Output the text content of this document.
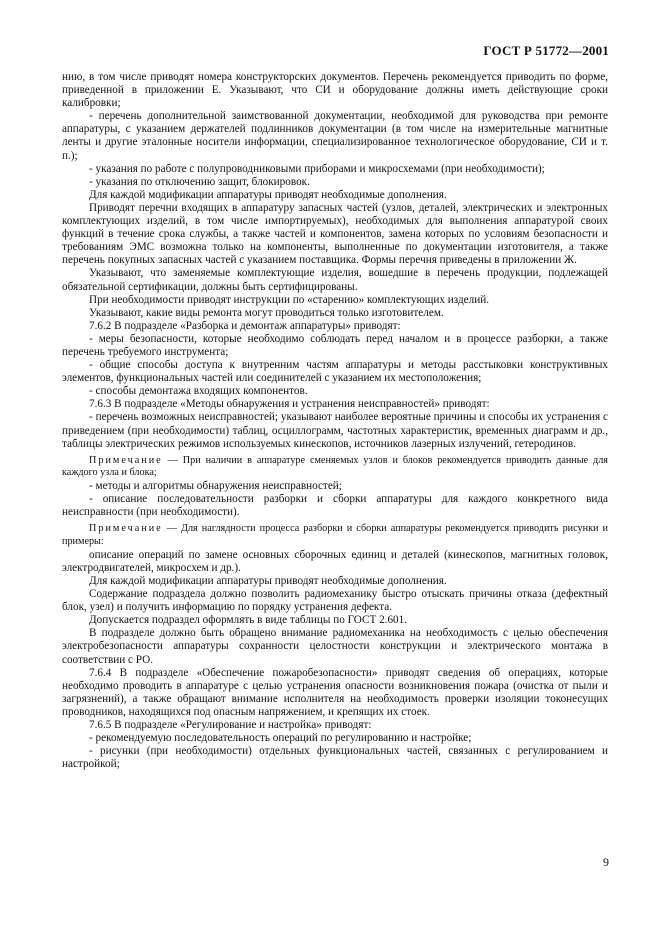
ГОСТ Р 51772—2001

нию, в том числе приводят номера конструкторских документов. Перечень рекомендуется приводить по форме, приведенной в приложении Е. Указывают, что СИ и оборудование должны иметь действующие сроки калибровки;

- перечень дополнительной заимствованной документации, необходимой для руководства при ремонте аппаратуры, с указанием держателей подлинников документации (в том числе на измерительные магнитные ленты и другие эталонные носители информации, специализированное технологическое оборудование, СИ и т. п.);

- указания по работе с полупроводниковыми приборами и микросхемами (при необходимости);

- указания по отключению защит, блокировок.

Для каждой модификации аппаратуры приводят необходимые дополнения.

Приводят перечни входящих в аппаратуру запасных частей (узлов, деталей, электрических и электронных комплектующих изделий, в том числе импортируемых), необходимых для выполнения аппаратурой своих функций в течение срока службы, а также частей и компонентов, замена которых по условиям безопасности и требованиям ЭМС возможна только на компоненты, выполненные по документации изготовителя, а также перечень покупных запасных частей с указанием поставщика. Формы перечня приведены в приложении Ж.

Указывают, что заменяемые комплектующие изделия, вошедшие в перечень продукции, подлежащей обязательной сертификации, должны быть сертифицированы.

При необходимости приводят инструкции по «старению» комплектующих изделий.

Указывают, какие виды ремонта могут проводиться только изготовителем.

7.6.2 В подразделе «Разборка и демонтаж аппаратуры» приводят:

- меры безопасности, которые необходимо соблюдать перед началом и в процессе разборки, а также перечень требуемого инструмента;

- общие способы доступа к внутренним частям аппаратуры и методы расстыковки конструктивных элементов, функциональных частей или соединителей с указанием их местоположения;

- способы демонтажа входящих компонентов.

7.6.3 В подразделе «Методы обнаружения и устранения неисправностей» приводят:

- перечень возможных неисправностей; указывают наиболее вероятные причины и способы их устранения с приведением (при необходимости) таблиц, осциллограмм, частотных характеристик, временных диаграмм и др., таблицы электрических режимов используемых кинескопов, источников лазерных излучений, гетеродинов.

Примечание — При наличии в аппаратуре сменяемых узлов и блоков рекомендуется приводить данные для каждого узла и блока;

- методы и алгоритмы обнаружения неисправностей;

- описание последовательности разборки и сборки аппаратуры для каждого конкретного вида неисправности (при необходимости).

Примечание — Для наглядности процесса разборки и сборки аппаратуры рекомендуется приводить рисунки и примеры:

описание операций по замене основных сборочных единиц и деталей (кинескопов, магнитных головок, электродвигателей, микросхем и др.).

Для каждой модификации аппаратуры приводят необходимые дополнения.

Содержание подраздела должно позволить радиомеханику быстро отыскать причины отказа (дефектный блок, узел) и получить информацию по порядку устранения дефекта.

Допускается подраздел оформлять в виде таблицы по ГОСТ 2.601.

В подразделе должно быть обращено внимание радиомеханика на необходимость с целью обеспечения электробезопасности аппаратуры сохранности целостности конструкции и электрического монтажа в соответствии с РО.

7.6.4 В подразделе «Обеспечение пожаробезопасности» приводят сведения об операциях, которые необходимо проводить в аппаратуре с целью устранения опасности возникновения пожара (очистка от пыли и загрязнений), а также обращают внимание исполнителя на необходимость проверки изоляции токонесущих проводников, находящихся под опасным напряжением, и крепящих их стоек.

7.6.5 В подразделе «Регулирование и настройка» приводят:

- рекомендуемую последовательность операций по регулированию и настройке;

- рисунки (при необходимости) отдельных функциональных частей, связанных с регулированием и настройкой;

9
